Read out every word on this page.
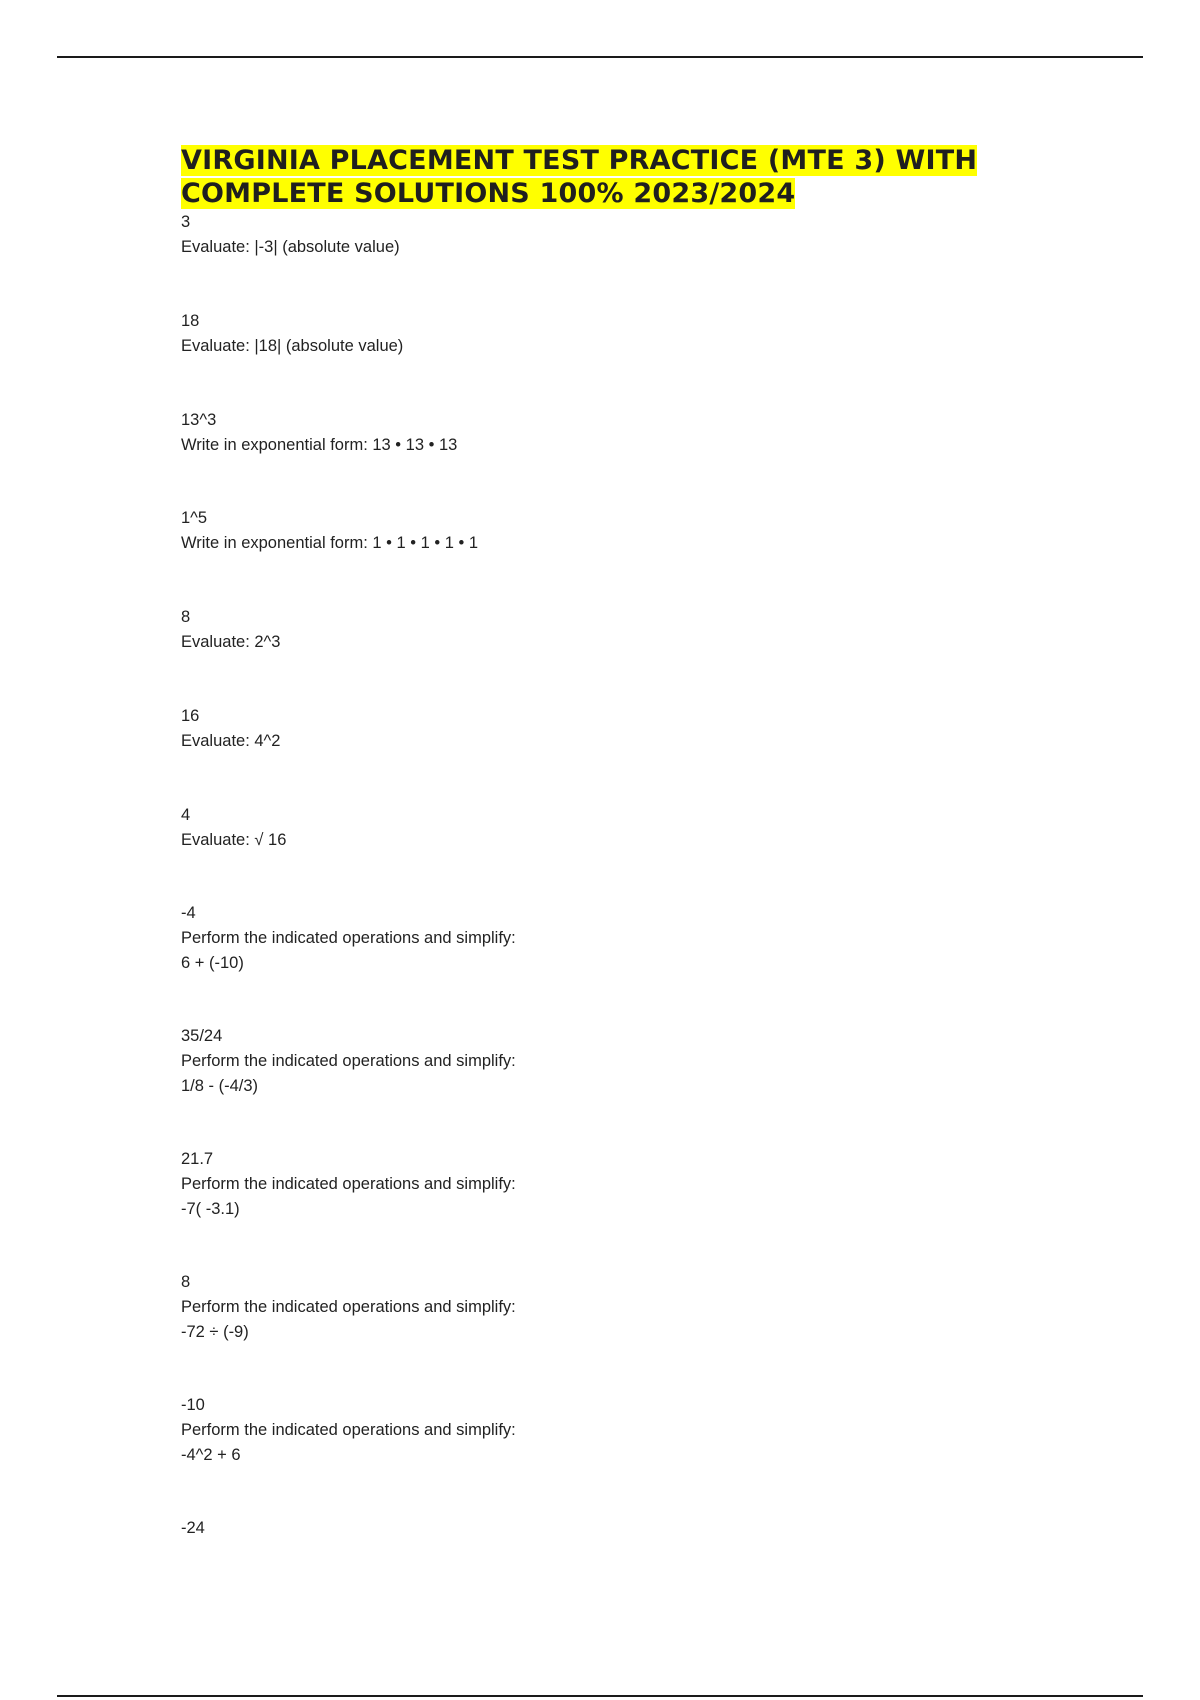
VIRGINIA PLACEMENT TEST PRACTICE (MTE 3) WITH COMPLETE SOLUTIONS 100% 2023/2024
3
Evaluate: |-3| (absolute value)
18
Evaluate: |18| (absolute value)
13^3
Write in exponential form: 13 • 13 • 13
1^5
Write in exponential form: 1 • 1 • 1 • 1 • 1
8
Evaluate: 2^3
16
Evaluate: 4^2
4
Evaluate: √ 16
-4
Perform the indicated operations and simplify:
6 + (-10)
35/24
Perform the indicated operations and simplify:
1/8 - (-4/3)
21.7
Perform the indicated operations and simplify:
-7( -3.1)
8
Perform the indicated operations and simplify:
-72 ÷ (-9)
-10
Perform the indicated operations and simplify:
-4^2 + 6
-24
